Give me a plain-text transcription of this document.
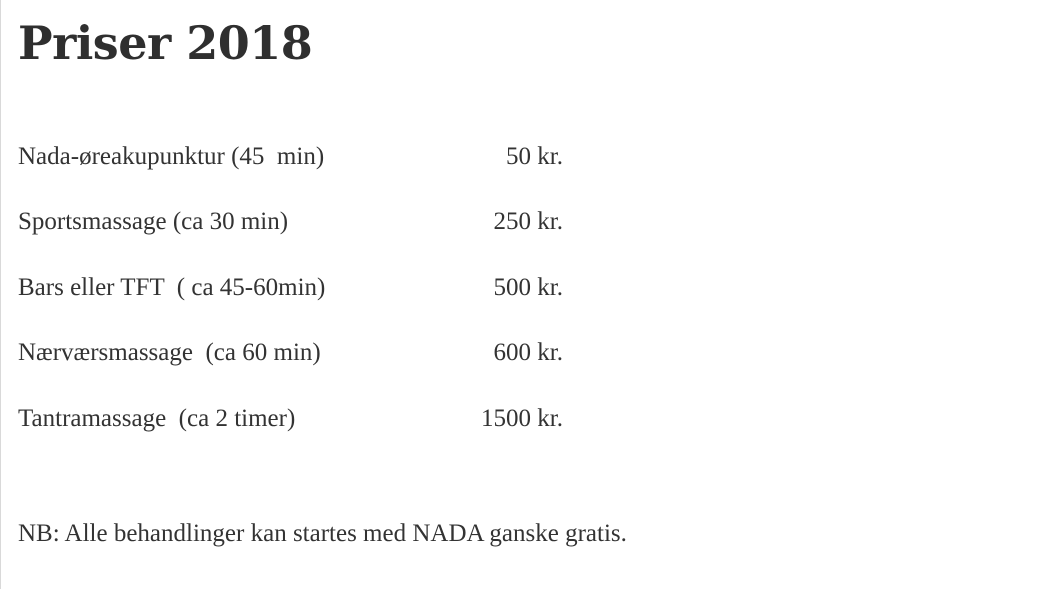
Priser 2018
Nada-øreakupunktur (45  min)	50 kr.
Sportsmassage (ca 30 min)	250 kr.
Bars eller TFT  ( ca 45-60min)	500 kr.
Nærværsmassage  (ca 60 min)	600 kr.
Tantramassage  (ca 2 timer)	1500 kr.

NB: Alle behandlinger kan startes med NADA ganske gratis.
